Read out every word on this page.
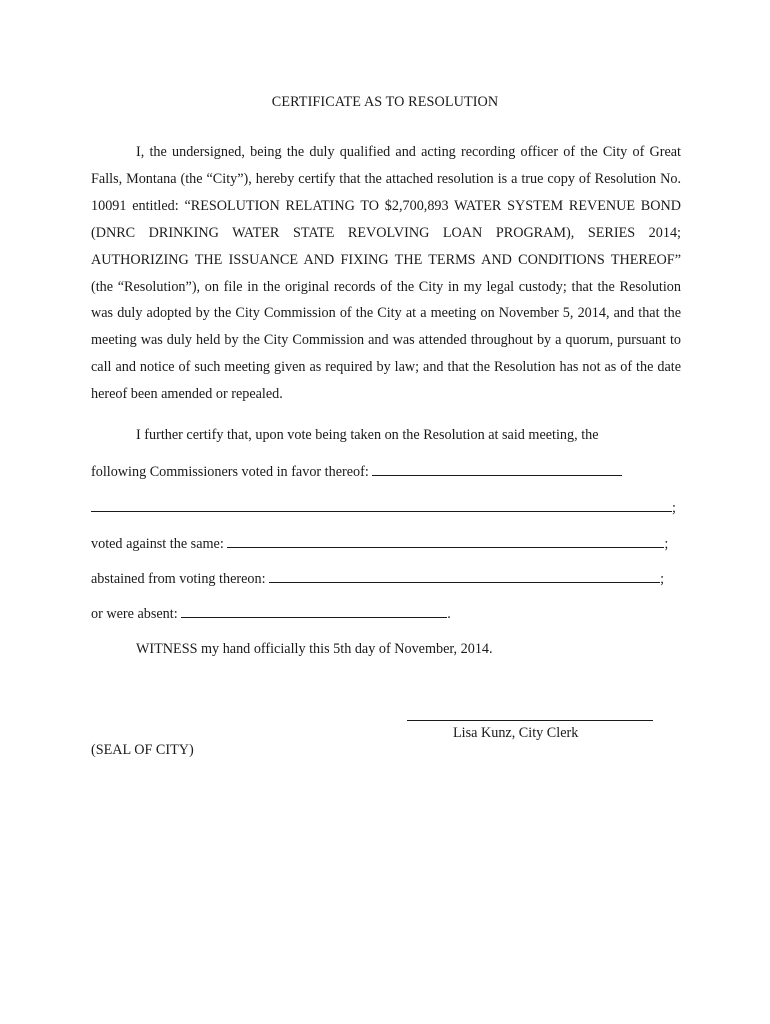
CERTIFICATE AS TO RESOLUTION
I, the undersigned, being the duly qualified and acting recording officer of the City of Great Falls, Montana (the “City”), hereby certify that the attached resolution is a true copy of Resolution No. 10091 entitled: “RESOLUTION RELATING TO $2,700,893 WATER SYSTEM REVENUE BOND (DNRC DRINKING WATER STATE REVOLVING LOAN PROGRAM), SERIES 2014; AUTHORIZING THE ISSUANCE AND FIXING THE TERMS AND CONDITIONS THEREOF” (the “Resolution”), on file in the original records of the City in my legal custody; that the Resolution was duly adopted by the City Commission of the City at a meeting on November 5, 2014, and that the meeting was duly held by the City Commission and was attended throughout by a quorum, pursuant to call and notice of such meeting given as required by law; and that the Resolution has not as of the date hereof been amended or repealed.
I further certify that, upon vote being taken on the Resolution at said meeting, the
following Commissioners voted in favor thereof:
;
voted against the same:	;
abstained from voting thereon:	;
or were absent:	.
WITNESS my hand officially this 5th day of November, 2014.
Lisa Kunz, City Clerk
(SEAL OF CITY)
